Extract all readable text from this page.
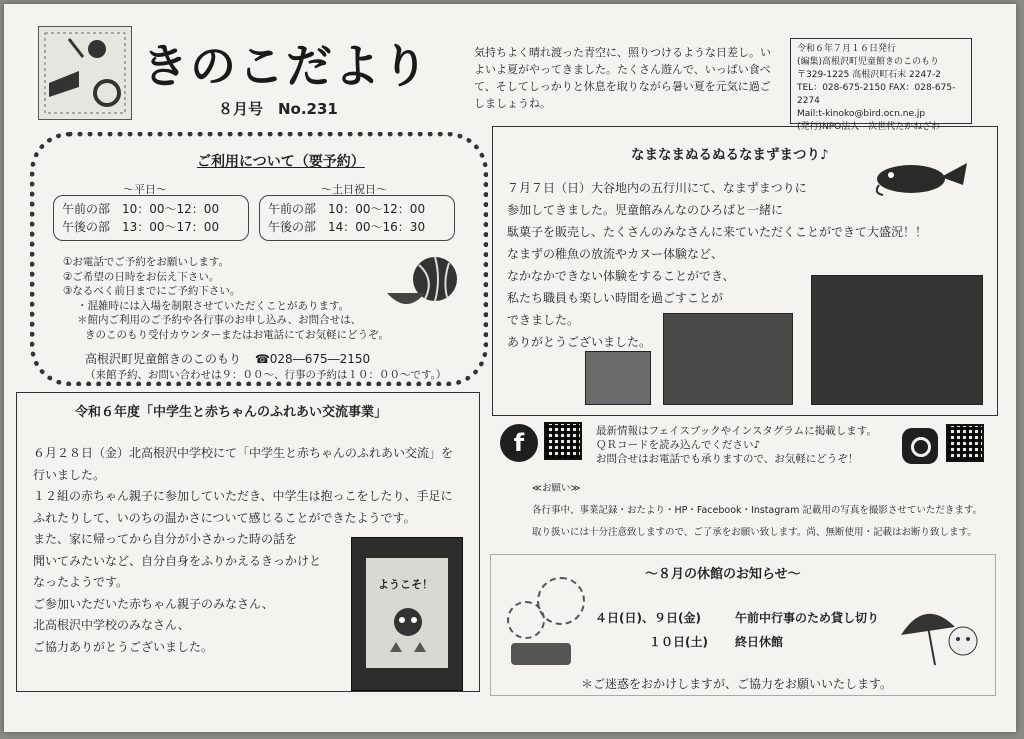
きのこだより
８月号　No.231
気持ちよく晴れ渡った青空に、照りつけるような日差し。いよいよ夏がやってきました。たくさん遊んで、いっぱい食べて、そしてしっかりと休息を取りながら暑い夏を元気に過ごしましょうね。
令和６年７月１６日発行
(編集)高根沢町児童館きのこのもり
〒329-1225 高根沢町石末 2247-2
TEL：028-675-2150 FAX：028-675-2274
Mail:t-kinoko@bird.ocn.ne.jp
(発行)NPO法人　次世代たかねざわ
ご利用について（要予約）
～平日～
午前の部　10：00～12：00
午後の部　13：00～17：00
～土日祝日～
午前の部　10：00～12：00
午後の部　14：00～16：30
①お電話でご予約をお願いします。
②ご希望の日時をお伝え下さい。
③なるべく前日までにご予約下さい。
・混雑時には入場を制限させていただくことがあります。
＊館内ご利用のご予約や各行事のお申し込み、お問合せは、
きのこのもり受付カウンターまたはお電話にてお気軽にどうぞ。
高根沢町児童館きのこのもり ☎028―675―2150
（来館予約、お問い合わせは９：００～、行事の予約は１０：００～です。）
令和６年度「中学生と赤ちゃんのふれあい交流事業」
６月２８日（金）北高根沢中学校にて「中学生と赤ちゃんのふれあい交流」を
行いました。
１２組の赤ちゃん親子に参加していただき、中学生は抱っこをしたり、手足に
ふれたりして、いのちの温かさについて感じることができたようです。
また、家に帰ってから自分が小さかった時の話を
聞いてみたいなど、自分自身をふりかえるきっかけと
なったようです。
ご参加いただいた赤ちゃん親子のみなさん、
北高根沢中学校のみなさん、
ご協力ありがとうございました。
ようこそ！
なまなまぬるぬるなまずまつり♪
７月７日（日）大谷地内の五行川にて、なまずまつりに
参加してきました。児童館みんなのひろばと一緒に
駄菓子を販売し、たくさんのみなさんに来ていただくことができて大盛況！！
なまずの稚魚の放流やカヌー体験など、
なかなかできない体験をすることができ、
私たち職員も楽しい時間を過ごすことが
できました。
ありがとうございました。
f	最新情報はフェイスブックやインスタグラムに掲載します。
ＱＲコードを読み込んでください♪
お問合せはお電話でも承りますので、お気軽にどうぞ！
≪お願い≫
各行事中、事業記録・おたより・HP・Facebook・Instagram 記載用の写真を撮影させていただきます。
取り扱いには十分注意致しますので、ご了承をお願い致します。尚、無断使用・記載はお断り致します。
～８月の休館のお知らせ～
４日(日)、９日(金)	午前中行事のため貸し切り
１０日(土) 終日休館
＊ご迷惑をおかけしますが、ご協力をお願いいたします。
